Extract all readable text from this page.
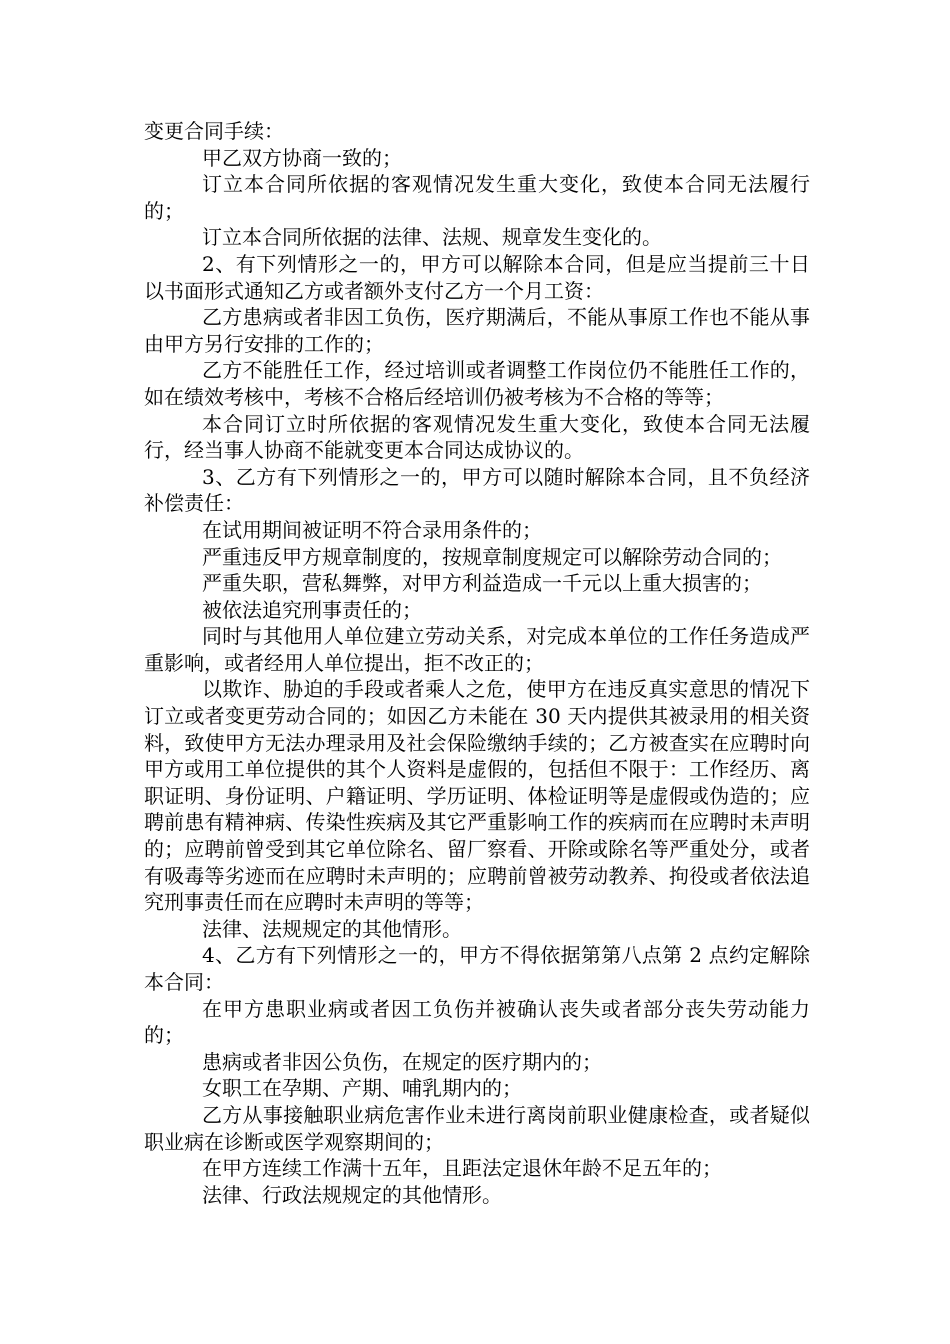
变更合同手续：

甲乙双方协商一致的；

订立本合同所依据的客观情况发生重大变化，致使本合同无法履行的；

订立本合同所依据的法律、法规、规章发生变化的。

2、有下列情形之一的，甲方可以解除本合同，但是应当提前三十日以书面形式通知乙方或者额外支付乙方一个月工资：

乙方患病或者非因工负伤，医疗期满后，不能从事原工作也不能从事由甲方另行安排的工作的；

乙方不能胜任工作，经过培训或者调整工作岗位仍不能胜任工作的，如在绩效考核中，考核不合格后经培训仍被考核为不合格的等等；

本合同订立时所依据的客观情况发生重大变化，致使本合同无法履行，经当事人协商不能就变更本合同达成协议的。

3、乙方有下列情形之一的，甲方可以随时解除本合同，且不负经济补偿责任：

在试用期间被证明不符合录用条件的；

严重违反甲方规章制度的，按规章制度规定可以解除劳动合同的；

严重失职，营私舞弊，对甲方利益造成一千元以上重大损害的；

被依法追究刑事责任的；

同时与其他用人单位建立劳动关系，对完成本单位的工作任务造成严重影响，或者经用人单位提出，拒不改正的；

以欺诈、胁迫的手段或者乘人之危，使甲方在违反真实意思的情况下订立或者变更劳动合同的；如因乙方未能在 30 天内提供其被录用的相关资料，致使甲方无法办理录用及社会保险缴纳手续的；乙方被查实在应聘时向甲方或用工单位提供的其个人资料是虚假的，包括但不限于：工作经历、离职证明、身份证明、户籍证明、学历证明、体检证明等是虚假或伪造的；应聘前患有精神病、传染性疾病及其它严重影响工作的疾病而在应聘时未声明的；应聘前曾受到其它单位除名、留厂察看、开除或除名等严重处分，或者有吸毒等劣迹而在应聘时未声明的；应聘前曾被劳动教养、拘役或者依法追究刑事责任而在应聘时未声明的等等；

法律、法规规定的其他情形。

4、乙方有下列情形之一的，甲方不得依据第第八点第 2 点约定解除本合同：

在甲方患职业病或者因工负伤并被确认丧失或者部分丧失劳动能力的；

患病或者非因公负伤，在规定的医疗期内的；

女职工在孕期、产期、哺乳期内的；

乙方从事接触职业病危害作业未进行离岗前职业健康检查，或者疑似职业病在诊断或医学观察期间的；

在甲方连续工作满十五年，且距法定退休年龄不足五年的；

法律、行政法规规定的其他情形。
